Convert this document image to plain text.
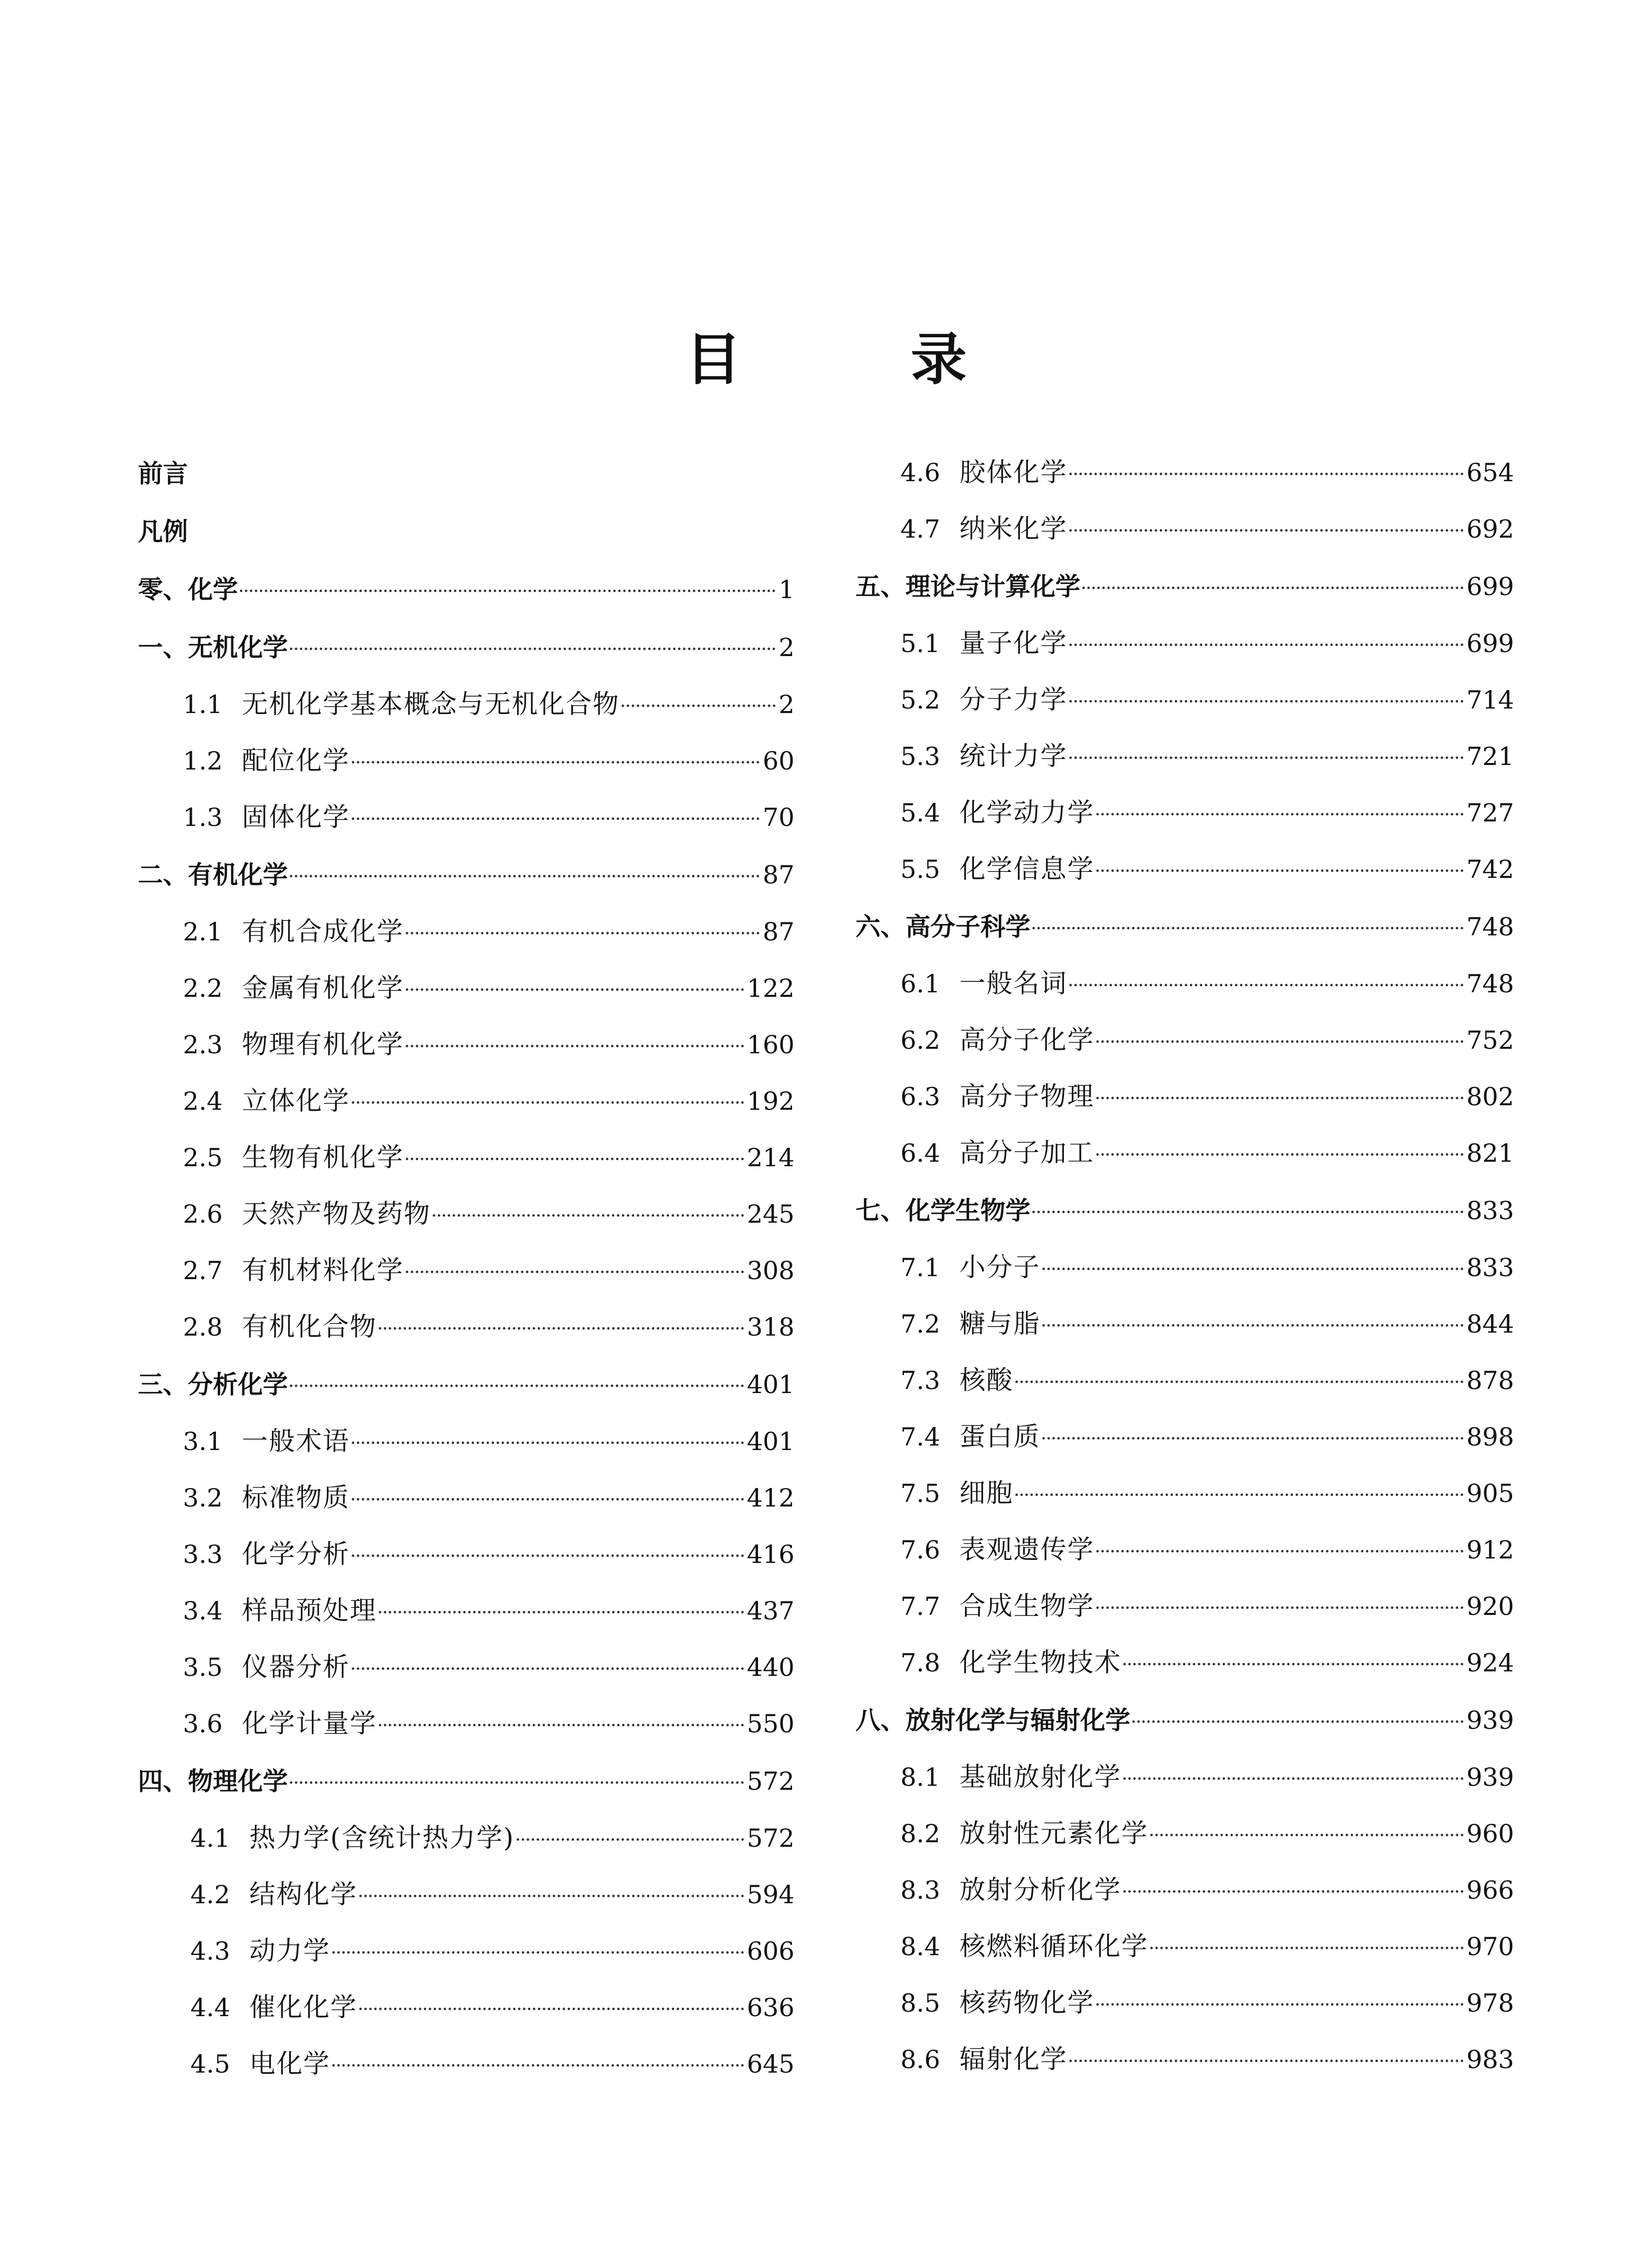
目 录
前言
凡例
零、化学	1
一、无机化学	2
1.1 无机化学基本概念与无机化合物	2
1.2 配位化学	60
1.3 固体化学	70
二、有机化学	87
2.1 有机合成化学	87
2.2 金属有机化学	122
2.3 物理有机化学	160
2.4 立体化学	192
2.5 生物有机化学	214
2.6 天然产物及药物	245
2.7 有机材料化学	308
2.8 有机化合物	318
三、分析化学	401
3.1 一般术语	401
3.2 标准物质	412
3.3 化学分析	416
3.4 样品预处理	437
3.5 仪器分析	440
3.6 化学计量学	550
四、物理化学	572
4.1 热力学(含统计热力学)	572
4.2 结构化学	594
4.3 动力学	606
4.4 催化化学	636
4.5 电化学	645
4.6 胶体化学	654
4.7 纳米化学	692
五、理论与计算化学	699
5.1 量子化学	699
5.2 分子力学	714
5.3 统计力学	721
5.4 化学动力学	727
5.5 化学信息学	742
六、高分子科学	748
6.1 一般名词	748
6.2 高分子化学	752
6.3 高分子物理	802
6.4 高分子加工	821
七、化学生物学	833
7.1 小分子	833
7.2 糖与脂	844
7.3 核酸	878
7.4 蛋白质	898
7.5 细胞	905
7.6 表观遗传学	912
7.7 合成生物学	920
7.8 化学生物技术	924
八、放射化学与辐射化学	939
8.1 基础放射化学	939
8.2 放射性元素化学	960
8.3 放射分析化学	966
8.4 核燃料循环化学	970
8.5 核药物化学	978
8.6 辐射化学	983
